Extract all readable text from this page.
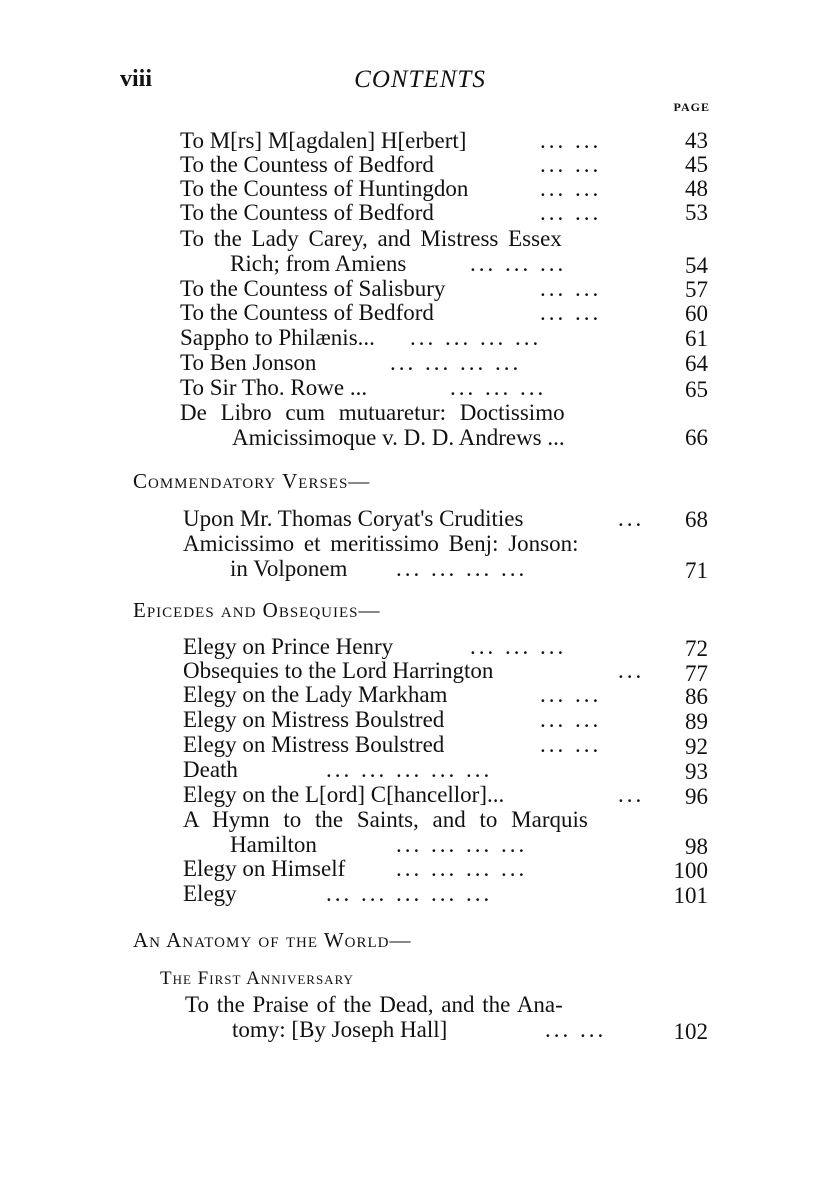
viii	CONTENTS
PAGE
To M[rs] M[agdalen] H[erbert]	... ...	43
To the Countess of Bedford	... ...	45
To the Countess of Huntingdon	... ...	48
To the Countess of Bedford	... ...	53
To the Lady Carey, and Mistress Essex
Rich; from Amiens	... ... ...	54
To the Countess of Salisbury	... ...	57
To the Countess of Bedford	... ...	60
Sappho to Philænis... ... ... ... ...	61
To Ben Jonson	... ... ... ...	64
To Sir Tho. Rowe ...	... ... ...	65
De Libro cum mutuaretur: Doctissimo
Amicissimoque v. D. D. Andrews ...	66
Commendatory Verses—
Upon Mr. Thomas Coryat's Crudities	...	68
Amicissimo et meritissimo Benj: Jonson:
in Volponem ... ... ... ...	71
Epicedes and Obsequies—
Elegy on Prince Henry	... ... ...	72
Obsequies to the Lord Harrington	...	77
Elegy on the Lady Markham	... ...	86
Elegy on Mistress Boulstred	... ...	89
Elegy on Mistress Boulstred	... ...	92
Death	... ... ... ... ...	93
Elegy on the L[ord] C[hancellor]...	...	96
A Hymn to the Saints, and to Marquis
Hamilton	... ... ... ...	98
Elegy on Himself ... ... ... ...	100
Elegy	... ... ... ... ...	101
An Anatomy of the World—
The First Anniversary
To the Praise of the Dead, and the Ana-
tomy: [By Joseph Hall]	... ...	102
